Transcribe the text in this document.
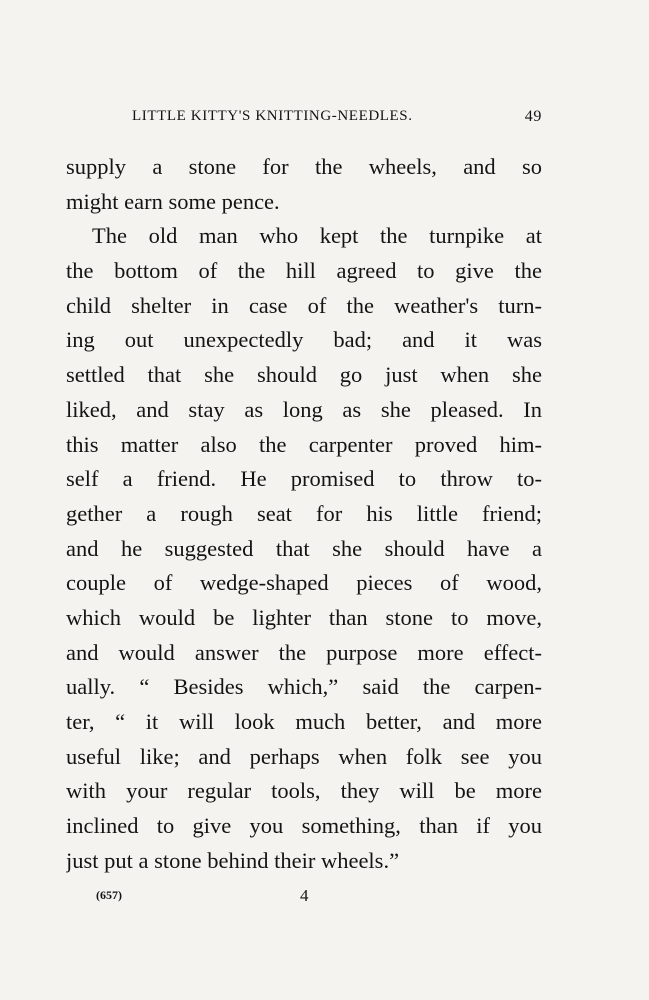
LITTLE KITTY'S KNITTING-NEEDLES.	49
supply a stone for the wheels, and so
might earn some pence.
The old man who kept the turnpike at
the bottom of the hill agreed to give the
child shelter in case of the weather's turn-
ing out unexpectedly bad; and it was
settled that she should go just when she
liked, and stay as long as she pleased. In
this matter also the carpenter proved him-
self a friend. He promised to throw to-
gether a rough seat for his little friend;
and he suggested that she should have a
couple of wedge-shaped pieces of wood,
which would be lighter than stone to move,
and would answer the purpose more effect-
ually. “ Besides which,” said the carpen-
ter, “ it will look much better, and more
useful like; and perhaps when folk see you
with your regular tools, they will be more
inclined to give you something, than if you
just put a stone behind their wheels.”
(657)	4
